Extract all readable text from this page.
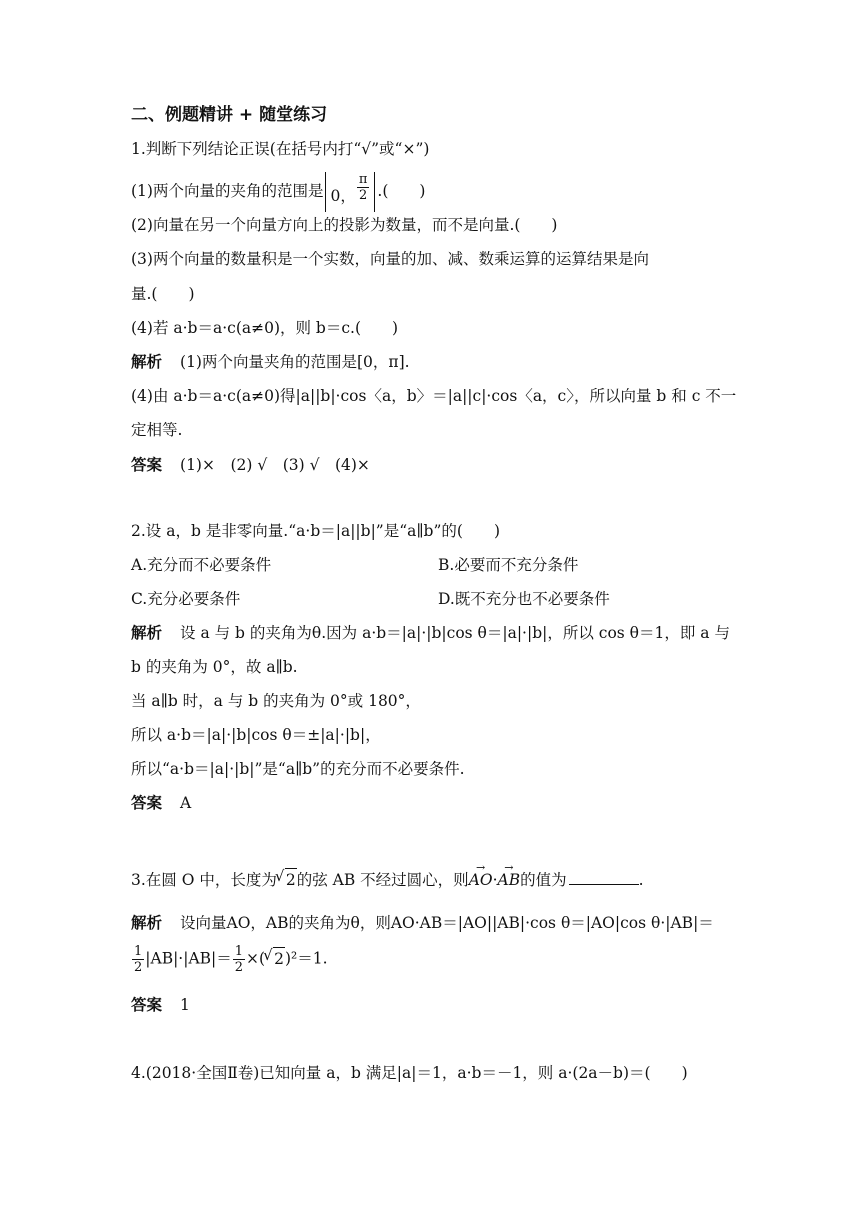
二、例题精讲 + 随堂练习
1.判断下列结论正误(在括号内打“√”或“×”)
(1)两个向量的夹角的范围是 0， $\frac{\pi}{2}$ .(　　)
(2)向量在另一个向量方向上的投影为数量，而不是向量.(　　)
(3)两个向量的数量积是一个实数，向量的加、减、数乘运算的运算结果是向
量.(　　)
(4)若 a·b＝a·c(a≠0)，则 b＝c.(　　)
解析 (1)两个向量夹角的范围是[0，π].
(4)由 a·b＝a·c(a≠0)得|a||b|·cos〈a，b〉＝|a||c|·cos〈a，c〉，所以向量 b 和 c 不一
定相等.
答案 (1)×　(2) √　(3) √　(4)×
2.设 a，b 是非零向量.“a·b＝|a||b|”是“a∥b”的(　　)
A.充分而不必要条件	B.必要而不充分条件
C.充分必要条件	D.既不充分也不必要条件
解析 设 a 与 b 的夹角为θ.因为 a·b＝|a|·|b|cos θ＝|a|·|b|，所以 cos θ＝1，即 a 与
b 的夹角为 0°，故 a∥b.
当 a∥b 时，a 与 b 的夹角为 0°或 180°，
所以 a·b＝|a|·|b|cos θ＝±|a|·|b|，
所以“a·b＝|a|·|b|”是“a∥b”的充分而不必要条件.
答案 A
3.在圆 O 中，长度为 √ 2的弦 AB 不经过圆心，则AO →·AB →的值为	.
解析 设向量AO，AB的夹角为θ，则AO·AB＝|AO||AB|·cos θ＝|AO|cos θ·|AB|＝
$\frac{1}{2} |AB|\cdot|AB|= \frac{1}{2}$ ×( √ 2)²＝1.
答案 1
4.(2018·全国Ⅱ卷)已知向量 a，b 满足|a|＝1，a·b＝－1，则 a·(2a－b)＝(　　)
